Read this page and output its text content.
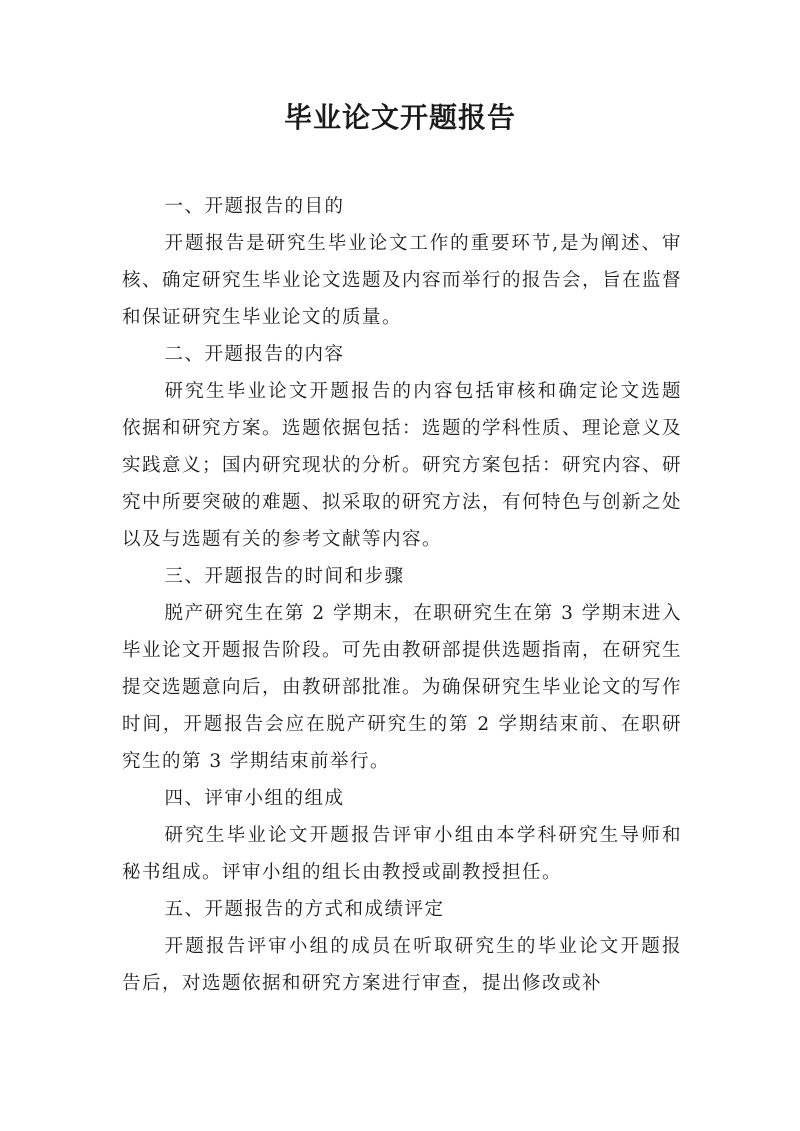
毕业论文开题报告

一、开题报告的目的

开题报告是研究生毕业论文工作的重要环节,是为阐述、审核、确定研究生毕业论文选题及内容而举行的报告会，旨在监督和保证研究生毕业论文的质量。

二、开题报告的内容

研究生毕业论文开题报告的内容包括审核和确定论文选题依据和研究方案。选题依据包括：选题的学科性质、理论意义及实践意义；国内研究现状的分析。研究方案包括：研究内容、研究中所要突破的难题、拟采取的研究方法，有何特色与创新之处以及与选题有关的参考文献等内容。

三、开题报告的时间和步骤

脱产研究生在第 2 学期末，在职研究生在第 3 学期末进入毕业论文开题报告阶段。可先由教研部提供选题指南，在研究生提交选题意向后，由教研部批准。为确保研究生毕业论文的写作时间，开题报告会应在脱产研究生的第 2 学期结束前、在职研究生的第 3 学期结束前举行。

四、评审小组的组成

研究生毕业论文开题报告评审小组由本学科研究生导师和秘书组成。评审小组的组长由教授或副教授担任。

五、开题报告的方式和成绩评定

开题报告评审小组的成员在听取研究生的毕业论文开题报告后，对选题依据和研究方案进行审查，提出修改或补
